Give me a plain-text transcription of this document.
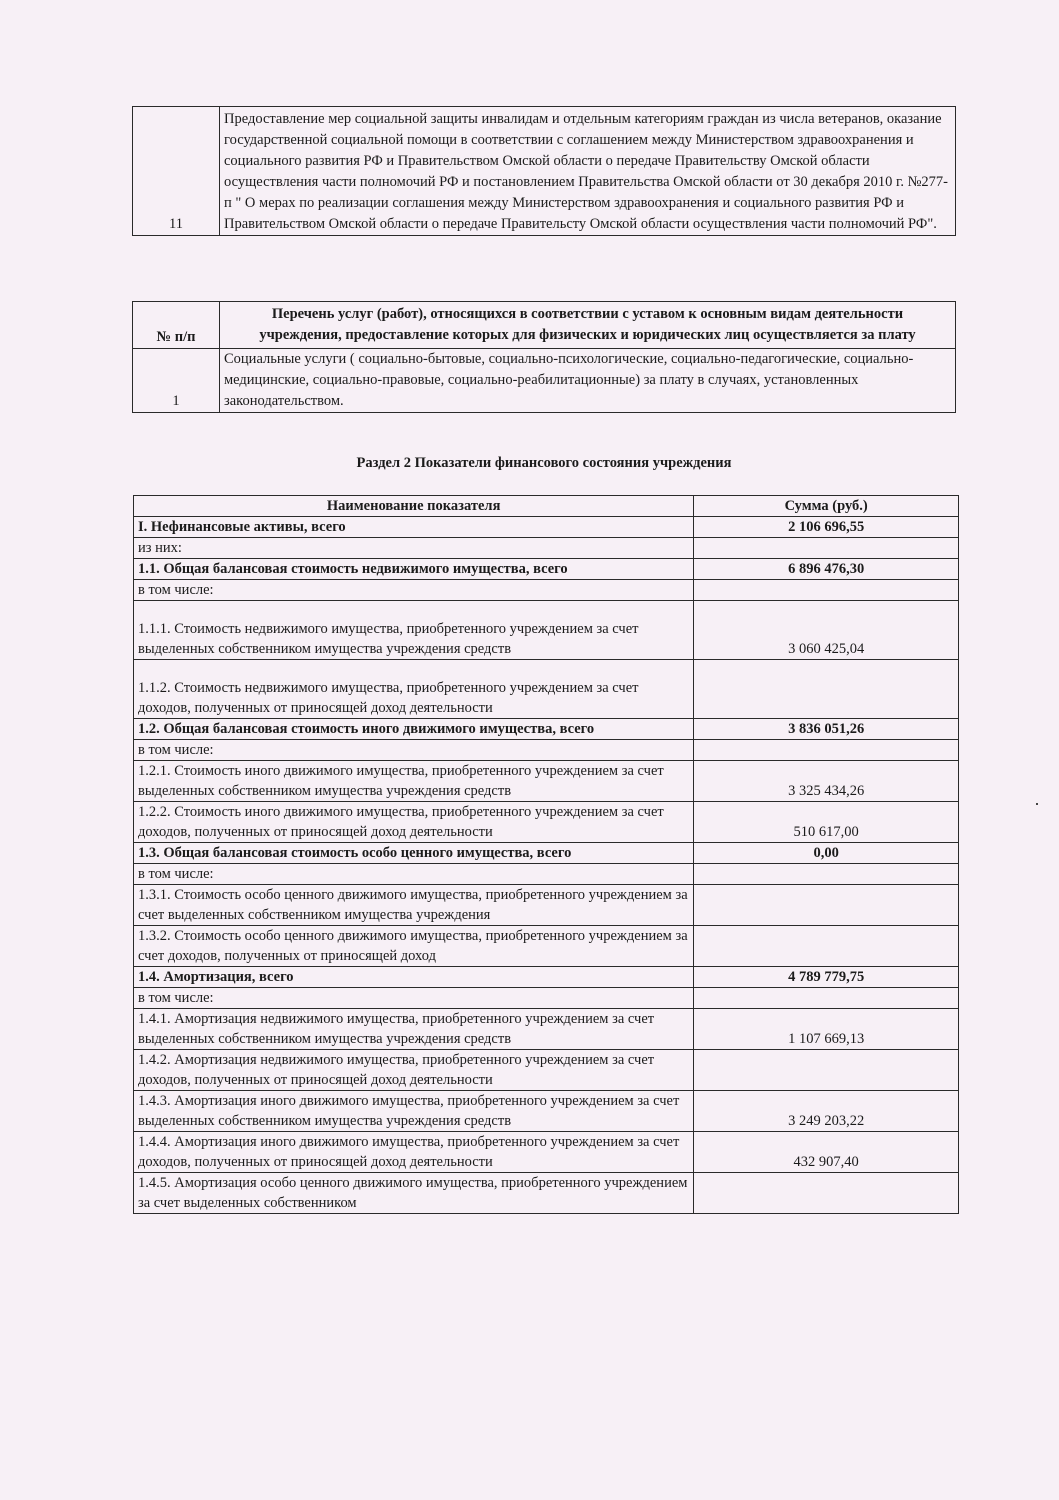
11	Предоставление мер социальной защиты инвалидам и отдельным категориям граждан из числа ветеранов, оказание государственной социальной помощи в соответствии с соглашением между Министерством здравоохранения и социального развития РФ и Правительством Омской области о передаче Правительству Омской области осуществления части полномочий РФ и постановлением Правительства Омской области от 30 декабря 2010 г. №277-п " О мерах по реализации соглашения между Министерством здравоохранения и социального развития РФ и Правительством Омской области о передаче Правительсту Омской области осуществления части полномочий РФ".
№ п/п	Перечень услуг (работ), относящихся в соответствии с уставом к основным видам деятельности учреждения, предоставление которых для физических и юридических лиц осуществляется за плату
1	Социальные услуги ( социально-бытовые, социально-психологические, социально-педагогические, социально-медицинские, социально-правовые, социально-реабилитационные) за плату в случаях, установленных законодательством.
Раздел 2 Показатели финансового состояния учреждения
Наименование показателя	Сумма (руб.)
I. Нефинансовые активы, всего	2 106 696,55
из них:	
1.1. Общая балансовая стоимость недвижимого имущества, всего	6 896 476,30
в том числе:	
1.1.1. Стоимость недвижимого имущества, приобретенного учреждением за счет выделенных собственником имущества учреждения средств	3 060 425,04
1.1.2. Стоимость недвижимого имущества, приобретенного учреждением за счет доходов, полученных от приносящей доход деятельности	
1.2. Общая балансовая стоимость иного движимого имущества, всего	3 836 051,26
в том числе:	
1.2.1. Стоимость иного движимого имущества, приобретенного учреждением за счет выделенных собственником имущества учреждения средств	3 325 434,26
1.2.2. Стоимость иного движимого имущества, приобретенного учреждением за счет доходов, полученных от приносящей доход деятельности	510 617,00
1.3. Общая балансовая стоимость особо ценного имущества, всего	0,00
в том числе:	
1.3.1. Стоимость особо ценного движимого имущества, приобретенного учреждением за счет выделенных собственником имущества учреждения	
1.3.2. Стоимость особо ценного движимого имущества, приобретенного учреждением за счет доходов, полученных от приносящей доход	
1.4. Амортизация, всего	4 789 779,75
в том числе:	
1.4.1. Амортизация недвижимого имущества, приобретенного учреждением за счет выделенных собственником имущества учреждения средств	1 107 669,13
1.4.2. Амортизация недвижимого имущества, приобретенного учреждением за счет доходов, полученных от приносящей доход деятельности	
1.4.3. Амортизация иного движимого имущества, приобретенного учреждением за счет выделенных собственником имущества учреждения средств	3 249 203,22
1.4.4. Амортизация иного движимого имущества, приобретенного учреждением за счет доходов, полученных от приносящей доход деятельности	432 907,40
1.4.5. Амортизация особо ценного движимого имущества, приобретенного учреждением за счет выделенных собственником	
